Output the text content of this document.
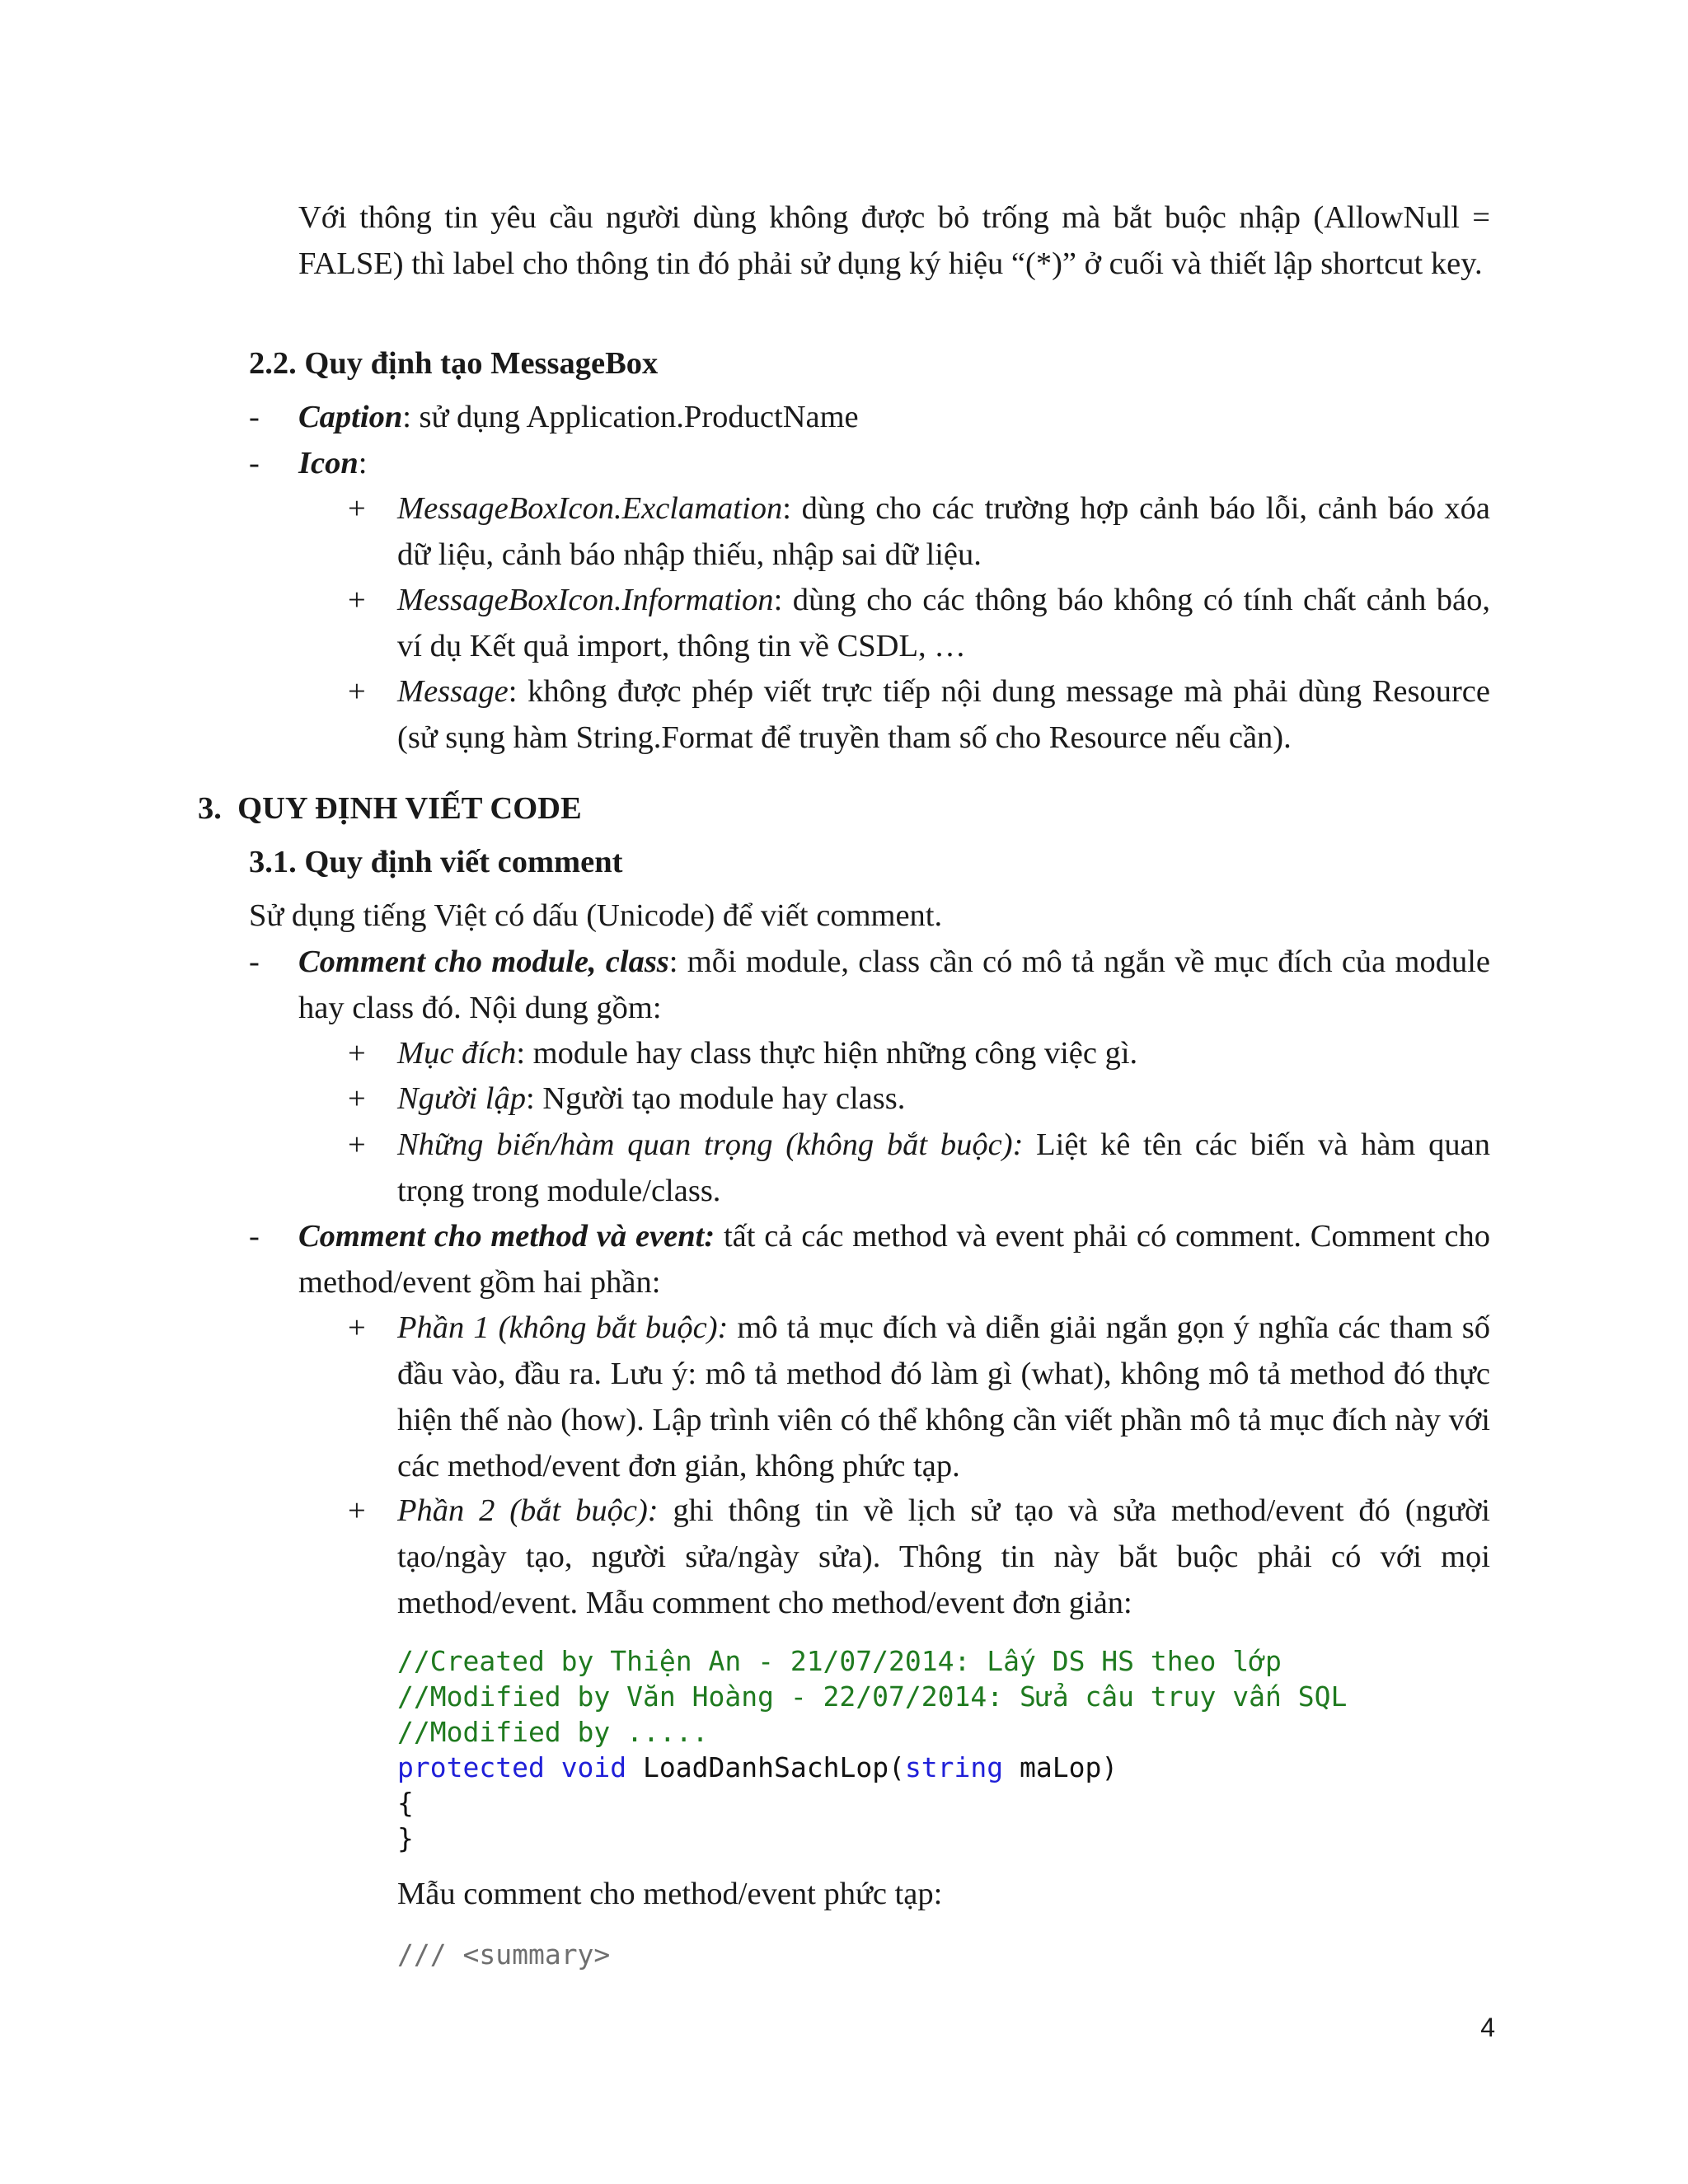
Với thông tin yêu cầu người dùng không được bỏ trống mà bắt buộc nhập (AllowNull = FALSE) thì label cho thông tin đó phải sử dụng ký hiệu “(*)” ở cuối và thiết lập shortcut key.

2.2. Quy định tạo MessageBox

- Caption: sử dụng Application.ProductName

- Icon:

+ MessageBoxIcon.Exclamation: dùng cho các trường hợp cảnh báo lỗi, cảnh báo xóa dữ liệu, cảnh báo nhập thiếu, nhập sai dữ liệu.

+ MessageBoxIcon.Information: dùng cho các thông báo không có tính chất cảnh báo, ví dụ Kết quả import, thông tin về CSDL, …

+ Message: không được phép viết trực tiếp nội dung message mà phải dùng Resource (sử sụng hàm String.Format để truyền tham số cho Resource nếu cần).

3.  QUY ĐỊNH VIẾT CODE

3.1. Quy định viết comment

Sử dụng tiếng Việt có dấu (Unicode) để viết comment.

- Comment cho module, class: mỗi module, class cần có mô tả ngắn về mục đích của module hay class đó. Nội dung gồm:

+ Mục đích: module hay class thực hiện những công việc gì.

+ Người lập: Người tạo module hay class.

+ Những biến/hàm quan trọng (không bắt buộc): Liệt kê tên các biến và hàm quan trọng trong module/class.

- Comment cho method và event: tất cả các method và event phải có comment. Comment cho method/event gồm hai phần:

+ Phần 1 (không bắt buộc): mô tả mục đích và diễn giải ngắn gọn ý nghĩa các tham số đầu vào, đầu ra. Lưu ý: mô tả method đó làm gì (what), không mô tả method đó thực hiện thế nào (how). Lập trình viên có thể không cần viết phần mô tả mục đích này với các method/event đơn giản, không phức tạp.

+ Phần 2 (bắt buộc): ghi thông tin về lịch sử tạo và sửa method/event đó (người tạo/ngày tạo, người sửa/ngày sửa). Thông tin này bắt buộc phải có với mọi method/event. Mẫu comment cho method/event đơn giản:

//Created by Thiện An - 21/07/2014: Lấy DS HS theo lớp
//Modified by Văn Hoàng - 22/07/2014: Sửa câu truy vấn SQL
//Modified by .....
protected void LoadDanhSachLop(string maLop)
{
}

Mẫu comment cho method/event phức tạp:

/// <summary>
4
